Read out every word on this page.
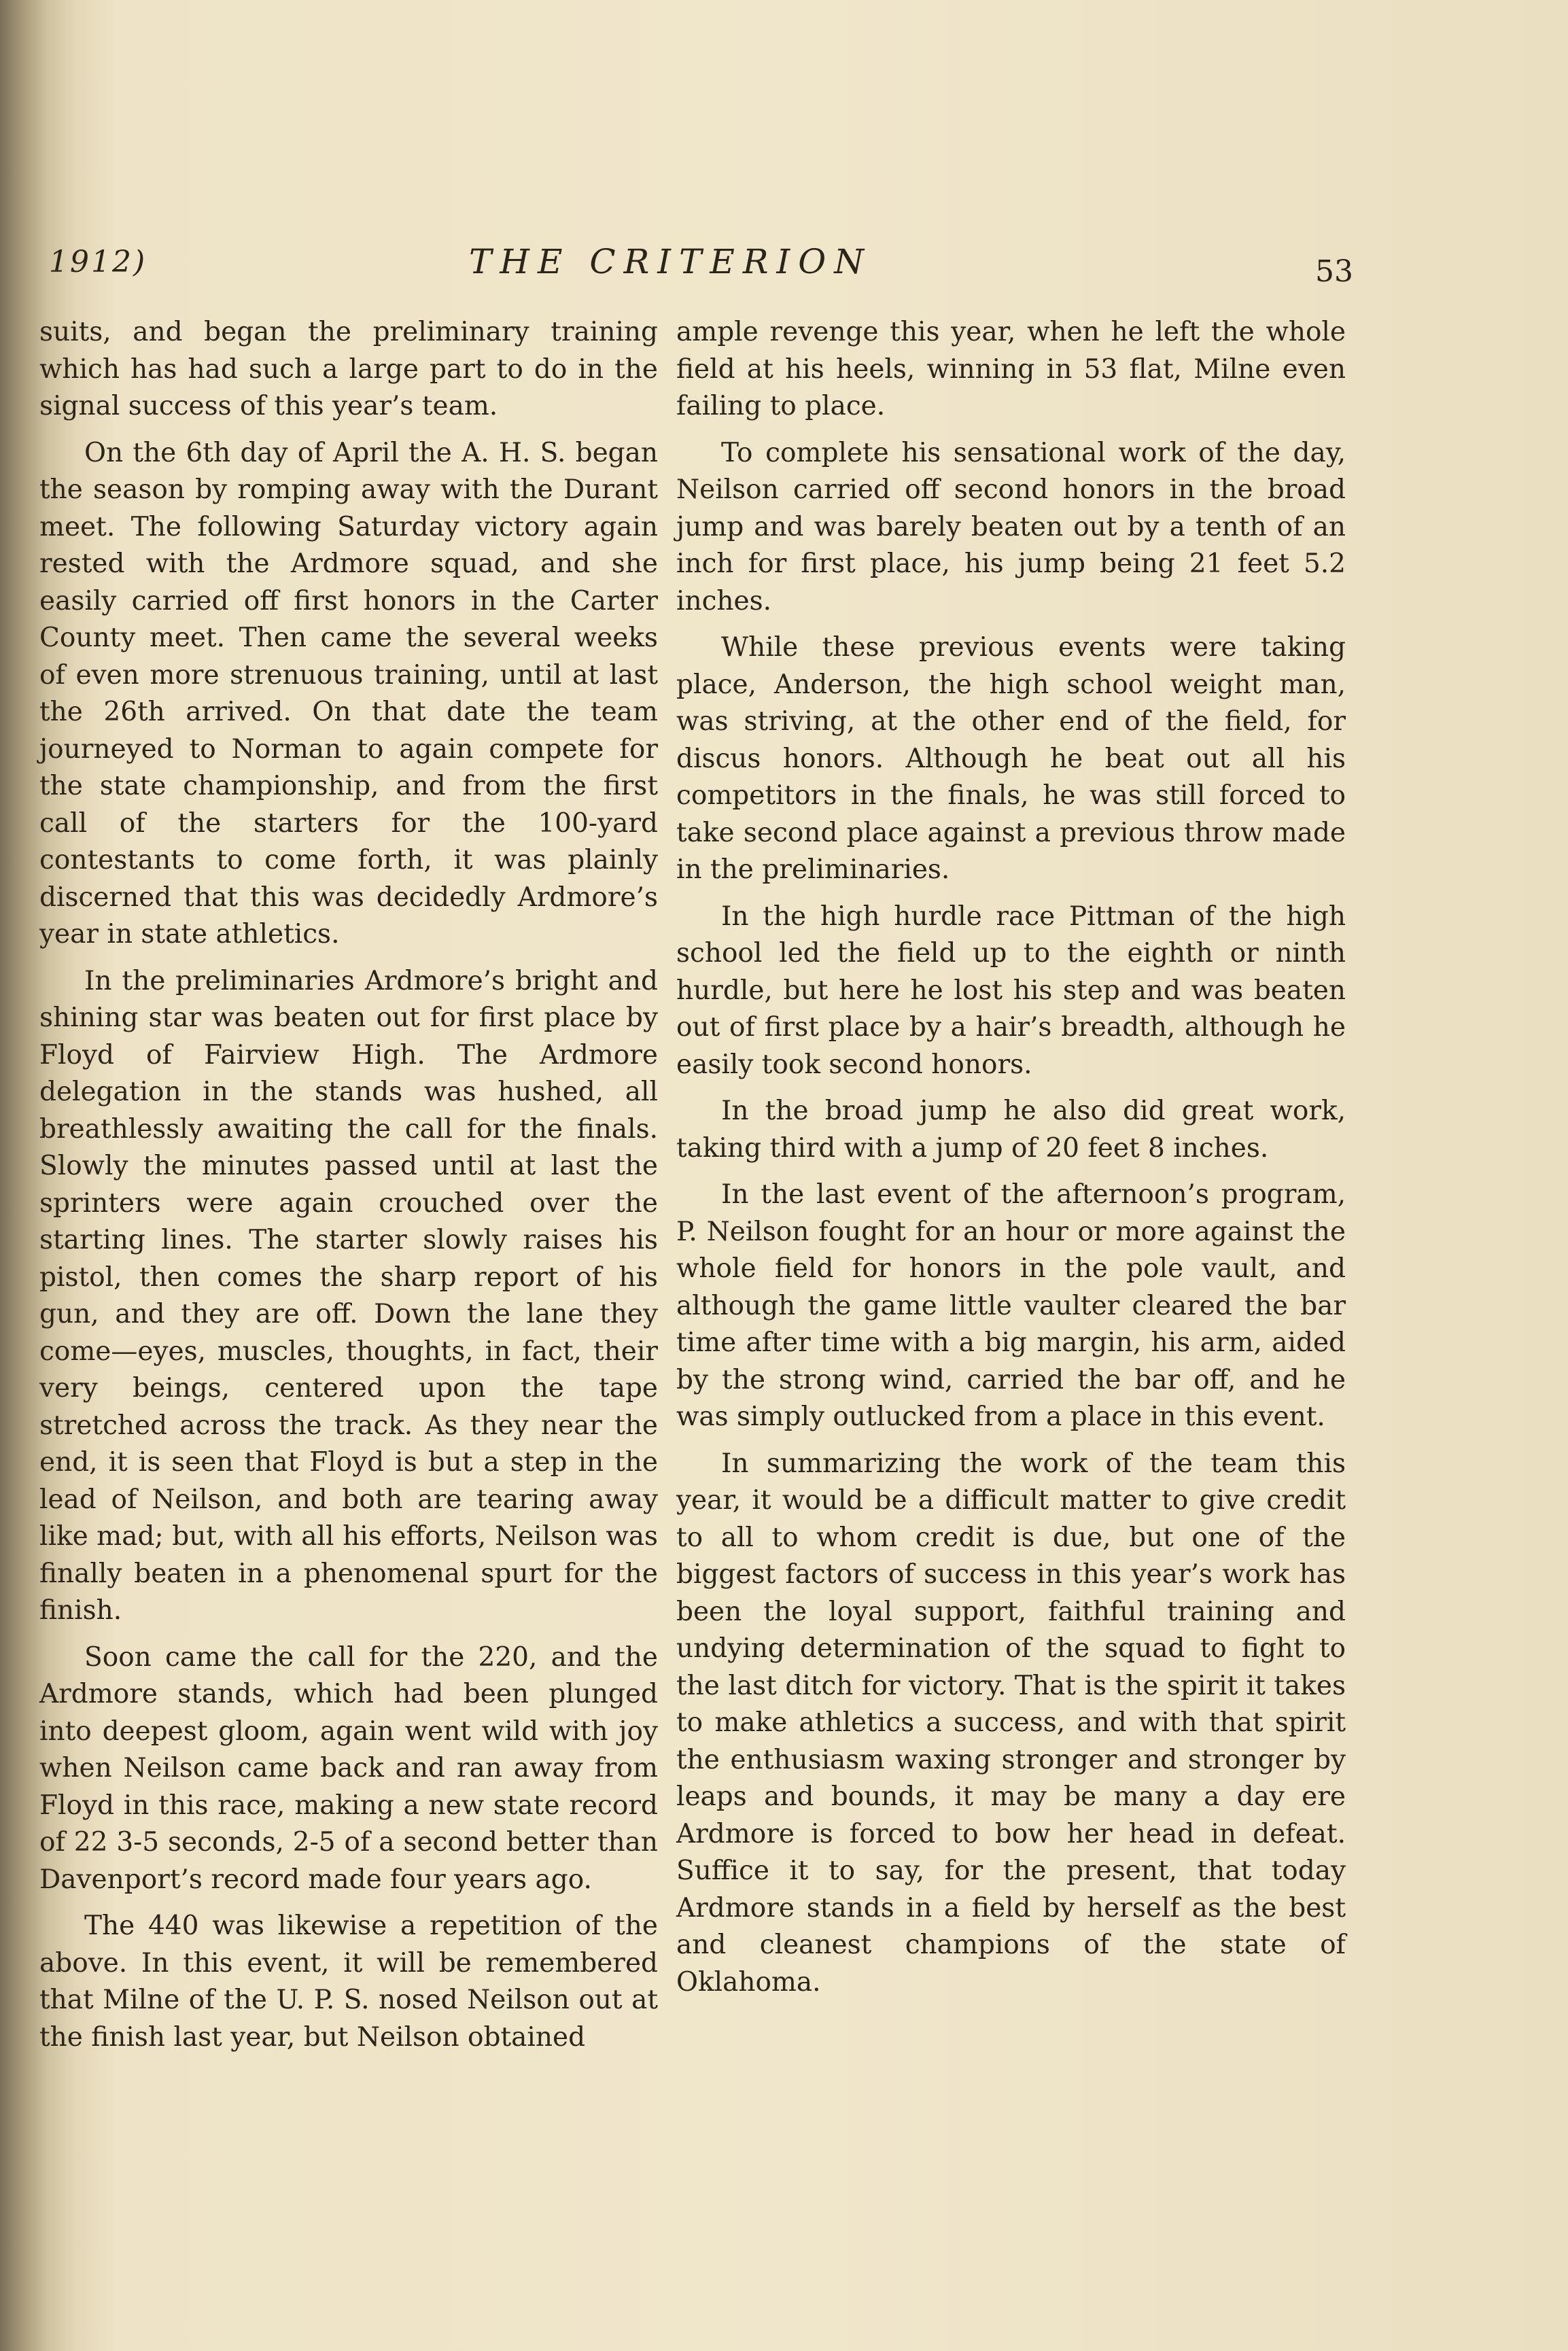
1912)	THE CRITERION	53

suits, and began the preliminary training which has had such a large part to do in the signal success of this year’s team.

On the 6th day of April the A. H. S. began the season by romping away with the Durant meet. The following Saturday victory again rested with the Ardmore squad, and she easily carried off first honors in the Carter County meet. Then came the several weeks of even more strenuous training, until at last the 26th arrived. On that date the team journeyed to Norman to again compete for the state championship, and from the first call of the starters for the 100-yard contestants to come forth, it was plainly discerned that this was decidedly Ardmore’s year in state athletics.

In the preliminaries Ardmore’s bright and shining star was beaten out for first place by Floyd of Fairview High. The Ardmore delegation in the stands was hushed, all breathlessly awaiting the call for the finals. Slowly the minutes passed until at last the sprinters were again crouched over the starting lines. The starter slowly raises his pistol, then comes the sharp report of his gun, and they are off. Down the lane they come—eyes, muscles, thoughts, in fact, their very beings, centered upon the tape stretched across the track. As they near the end, it is seen that Floyd is but a step in the lead of Neilson, and both are tearing away like mad; but, with all his efforts, Neilson was finally beaten in a phenomenal spurt for the finish.

Soon came the call for the 220, and the Ardmore stands, which had been plunged into deepest gloom, again went wild with joy when Neilson came back and ran away from Floyd in this race, making a new state record of 22 3-5 seconds, 2-5 of a second better than Davenport’s record made four years ago.

The 440 was likewise a repetition of the above. In this event, it will be remembered that Milne of the U. P. S. nosed Neilson out at the finish last year, but Neilson obtained

ample revenge this year, when he left the whole field at his heels, winning in 53 flat, Milne even failing to place.

To complete his sensational work of the day, Neilson carried off second honors in the broad jump and was barely beaten out by a tenth of an inch for first place, his jump being 21 feet 5.2 inches.

While these previous events were taking place, Anderson, the high school weight man, was striving, at the other end of the field, for discus honors. Although he beat out all his competitors in the finals, he was still forced to take second place against a previous throw made in the preliminaries.

In the high hurdle race Pittman of the high school led the field up to the eighth or ninth hurdle, but here he lost his step and was beaten out of first place by a hair’s breadth, although he easily took second honors.

In the broad jump he also did great work, taking third with a jump of 20 feet 8 inches.

In the last event of the afternoon’s program, P. Neilson fought for an hour or more against the whole field for honors in the pole vault, and although the game little vaulter cleared the bar time after time with a big margin, his arm, aided by the strong wind, carried the bar off, and he was simply outlucked from a place in this event.

In summarizing the work of the team this year, it would be a difficult matter to give credit to all to whom credit is due, but one of the biggest factors of success in this year’s work has been the loyal support, faithful training and undying determination of the squad to fight to the last ditch for victory. That is the spirit it takes to make athletics a success, and with that spirit the enthusiasm waxing stronger and stronger by leaps and bounds, it may be many a day ere Ardmore is forced to bow her head in defeat. Suffice it to say, for the present, that today Ardmore stands in a field by herself as the best and cleanest champions of the state of Oklahoma.
